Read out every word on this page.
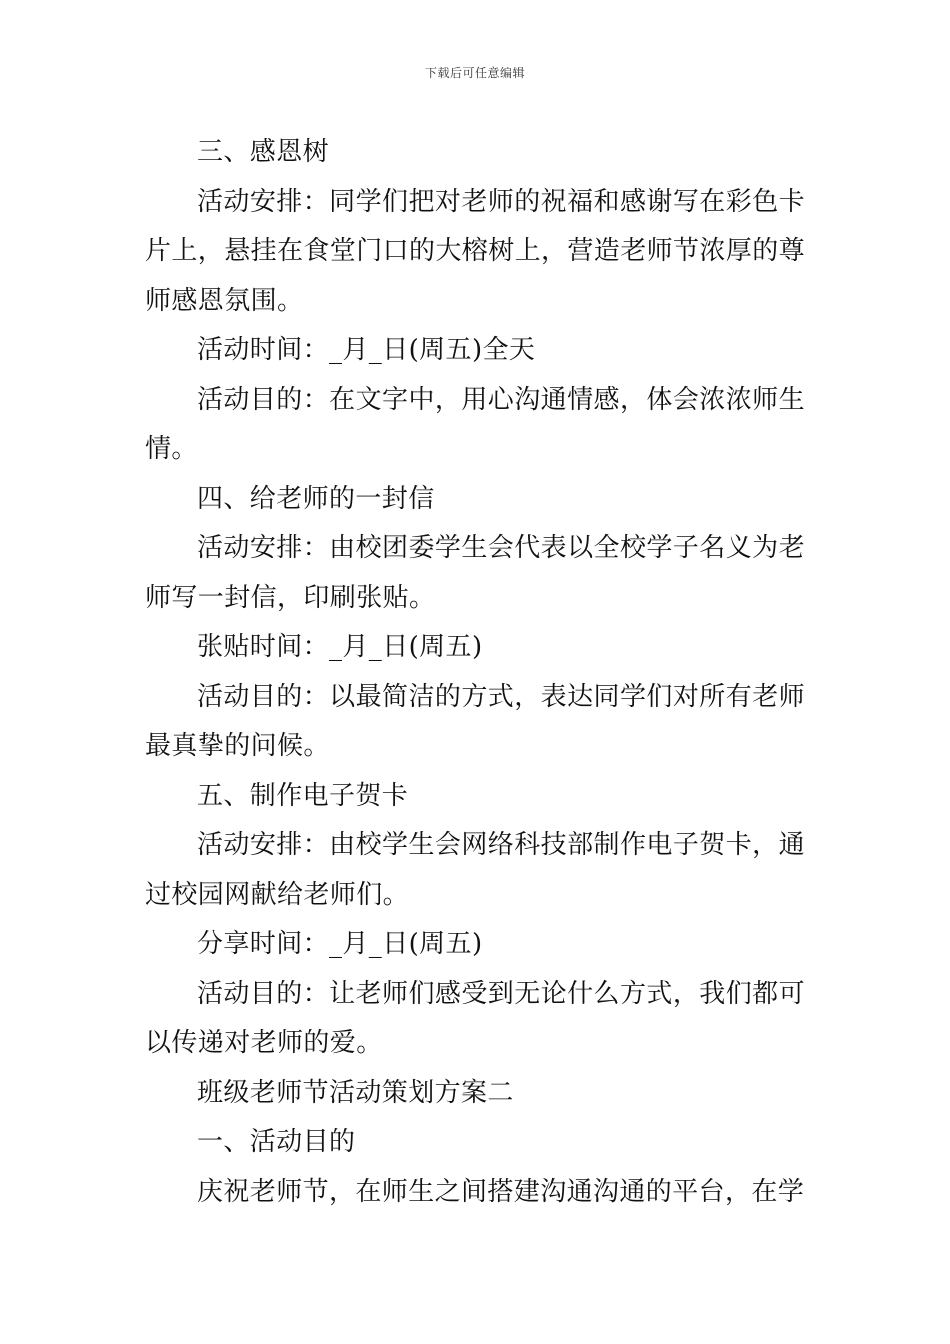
下载后可任意编辑

三、感恩树

活动安排：同学们把对老师的祝福和感谢写在彩色卡片上，悬挂在食堂门口的大榕树上，营造老师节浓厚的尊师感恩氛围。

活动时间：_月_日(周五)全天

活动目的：在文字中，用心沟通情感，体会浓浓师生情。

四、给老师的一封信

活动安排：由校团委学生会代表以全校学子名义为老师写一封信，印刷张贴。

张贴时间：_月_日(周五)

活动目的：以最简洁的方式，表达同学们对所有老师最真挚的问候。

五、制作电子贺卡

活动安排：由校学生会网络科技部制作电子贺卡，通过校园网献给老师们。

分享时间：_月_日(周五)

活动目的：让老师们感受到无论什么方式，我们都可以传递对老师的爱。

班级老师节活动策划方案二

一、活动目的

庆祝老师节，在师生之间搭建沟通沟通的平台，在学
